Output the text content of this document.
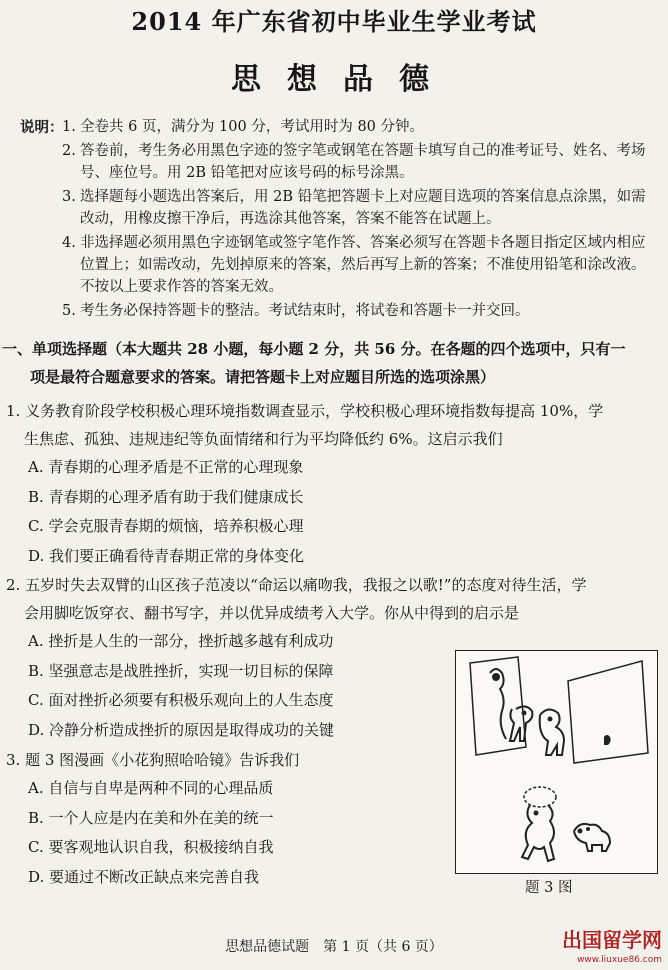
2014 年广东省初中毕业生学业考试
思想品德
说明：
1. 全卷共 6 页，满分为 100 分，考试用时为 80 分钟。
2. 答卷前，考生务必用黑色字迹的签字笔或钢笔在答题卡填写自己的准考证号、姓名、考场号、座位号。用 2B 铅笔把对应该号码的标号涂黑。
3. 选择题每小题选出答案后，用 2B 铅笔把答题卡上对应题目选项的答案信息点涂黑，如需改动，用橡皮擦干净后，再选涂其他答案，答案不能答在试题上。
4. 非选择题必须用黑色字迹钢笔或签字笔作答、答案必须写在答题卡各题目指定区域内相应位置上；如需改动，先划掉原来的答案，然后再写上新的答案；不准使用铅笔和涂改液。不按以上要求作答的答案无效。
5. 考生务必保持答题卡的整洁。考试结束时，将试卷和答题卡一并交回。
一、单项选择题（本大题共 28 小题，每小题 2 分，共 56 分。在各题的四个选项中，只有一
项是最符合题意要求的答案。请把答题卡上对应题目所选的选项涂黑）
1. 义务教育阶段学校积极心理环境指数调查显示，学校积极心理环境指数每提高 10%，学
生焦虑、孤独、违规违纪等负面情绪和行为平均降低约 6%。这启示我们
A. 青春期的心理矛盾是不正常的心理现象
B. 青春期的心理矛盾有助于我们健康成长
C. 学会克服青春期的烦恼，培养积极心理
D. 我们要正确看待青春期正常的身体变化
2. 五岁时失去双臂的山区孩子范凌以“命运以痛吻我，我报之以歌!”的态度对待生活，学
会用脚吃饭穿衣、翻书写字，并以优异成绩考入大学。你从中得到的启示是
A. 挫折是人生的一部分，挫折越多越有利成功
B. 坚强意志是战胜挫折，实现一切目标的保障
C. 面对挫折必须要有积极乐观向上的人生态度
D. 冷静分析造成挫折的原因是取得成功的关键
3. 题 3 图漫画《小花狗照哈哈镜》告诉我们
A. 自信与自卑是两种不同的心理品质
B. 一个人应是内在美和外在美的统一
C. 要客观地认识自我，积极接纳自我
D. 要通过不断改正缺点来完善自我
题 3 图
思想品德试题　第 1 页（共 6 页）	出国留学网
www.liuxue86.com
